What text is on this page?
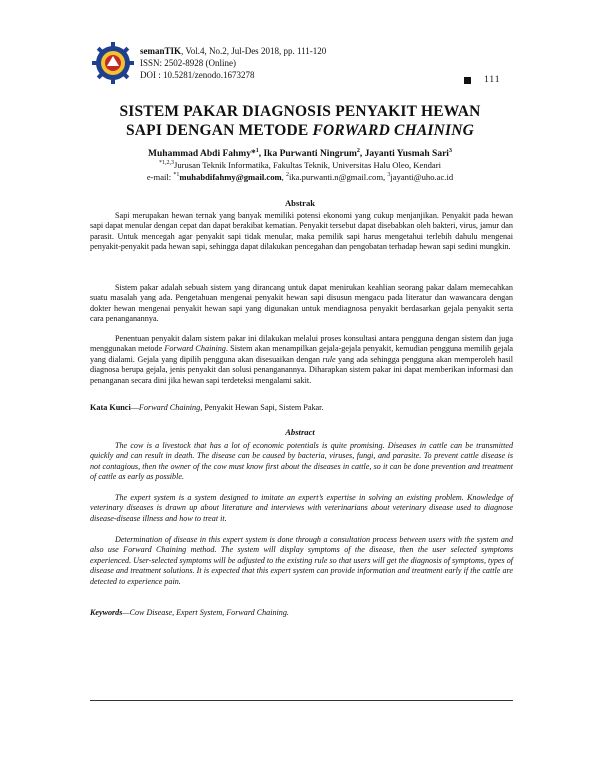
semanTIK, Vol.4, No.2, Jul-Des 2018, pp. 111-120
ISSN: 2502-8928 (Online)
DOI : 10.5281/zenodo.1673278	111
SISTEM PAKAR DIAGNOSIS PENYAKIT HEWAN
SAPI DENGAN METODE FORWARD CHAINING
Muhammad Abdi Fahmy*$^1$, Ika Purwanti Ningrum$^2$, Jayanti Yusmah Sari$^3$
$^{*1,2,3}$Jurusan Teknik Informatika, Fakultas Teknik, Universitas Halu Oleo, Kendari
e-mail: $^{*1}$muhabdifahmy@gmail.com, $^2$ika.purwanti.n@gmail.com, $^3$jayanti@uho.ac.id
Abstrak

Sapi merupakan hewan ternak yang banyak memiliki potensi ekonomi yang cukup menjanjikan. Penyakit pada hewan sapi dapat menular dengan cepat dan dapat berakibat kematian. Penyakit tersebut dapat disebabkan oleh bakteri, virus, jamur dan parasit. Untuk mencegah agar penyakit sapi tidak menular, maka pemilik sapi harus mengetahui terlebih dahulu mengenai penyakit-penyakit pada hewan sapi, sehingga dapat dilakukan pencegahan dan pengobatan terhadap hewan sapi sedini mungkin.

Sistem pakar adalah sebuah sistem yang dirancang untuk dapat menirukan keahlian seorang pakar dalam memecahkan suatu masalah yang ada. Pengetahuan mengenai penyakit hewan sapi disusun mengacu pada literatur dan wawancara dengan dokter hewan mengenai penyakit hewan sapi yang digunakan untuk mendiagnosa penyakit berdasarkan gejala penyakit serta cara penanganannya.

Penentuan penyakit dalam sistem pakar ini dilakukan melalui proses konsultasi antara pengguna dengan sistem dan juga menggunakan metode Forward Chaining. Sistem akan menampilkan gejala-gejala penyakit, kemudian pengguna memilih gejala yang dialami. Gejala yang dipilih pengguna akan disesuaikan dengan rule yang ada sehingga pengguna akan memperoleh hasil diagnosa berupa gejala, jenis penyakit dan solusi penanganannya. Diharapkan sistem pakar ini dapat memberikan informasi dan penanganan secara dini jika hewan sapi terdeteksi mengalami sakit.

Kata Kunci—Forward Chaining, Penyakit Hewan Sapi, Sistem Pakar.

Abstract

The cow is a livestock that has a lot of economic potentials is quite promising. Diseases in cattle can be transmitted quickly and can result in death. The disease can be caused by bacteria, viruses, fungi, and parasite. To prevent cattle disease is not contagious, then the owner of the cow must know first about the diseases in cattle, so it can be done prevention and treatment of cattle as early as possible.

The expert system is a system designed to imitate an expert’s expertise in solving an existing problem. Knowledge of veterinary diseases is drawn up about literature and interviews with veterinarians about veterinary disease used to diagnose disease-disease illness and how to treat it.

Determination of disease in this expert system is done through a consultation process between users with the system and also use Forward Chaining method. The system will display symptoms of the disease, then the user selected symptoms experienced. User-selected symptoms will be adjusted to the existing rule so that users will get the diagnosis of symptoms, types of disease and treatment solutions. It is expected that this expert system can provide information and treatment early if the cattle are detected to experience pain.

Keywords—Cow Disease, Expert System, Forward Chaining.
